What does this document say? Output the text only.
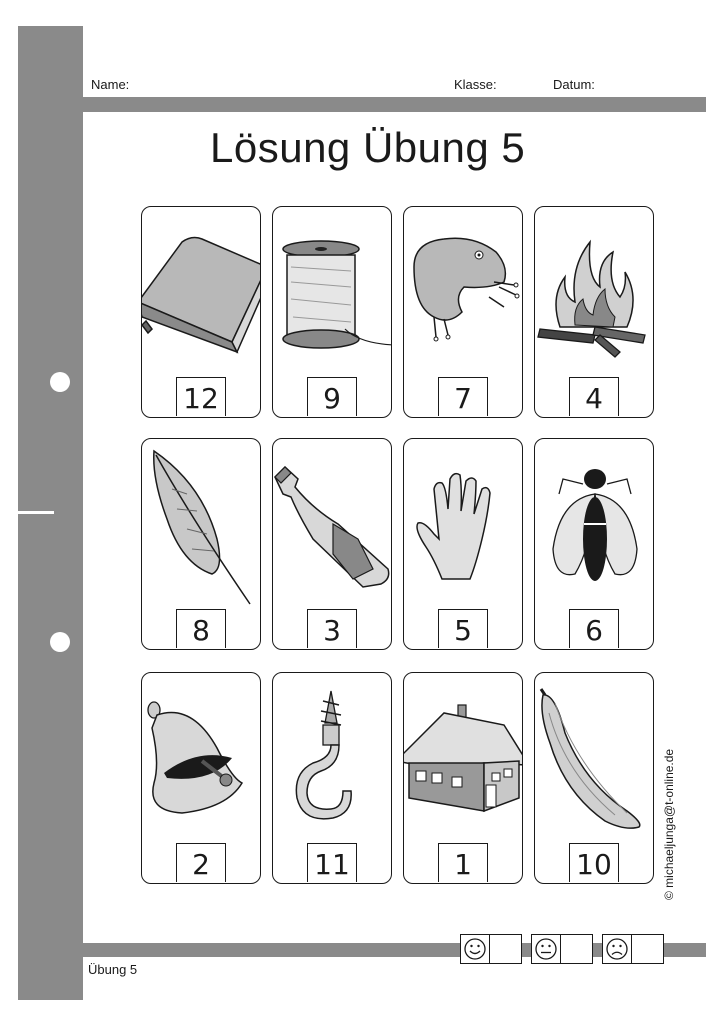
Name:	Klasse:	Datum:
Lösung Übung 5
12	9	7	4
8	3	5	6
2	11	1	10	© michaeljunga@t-online.de
Übung 5
